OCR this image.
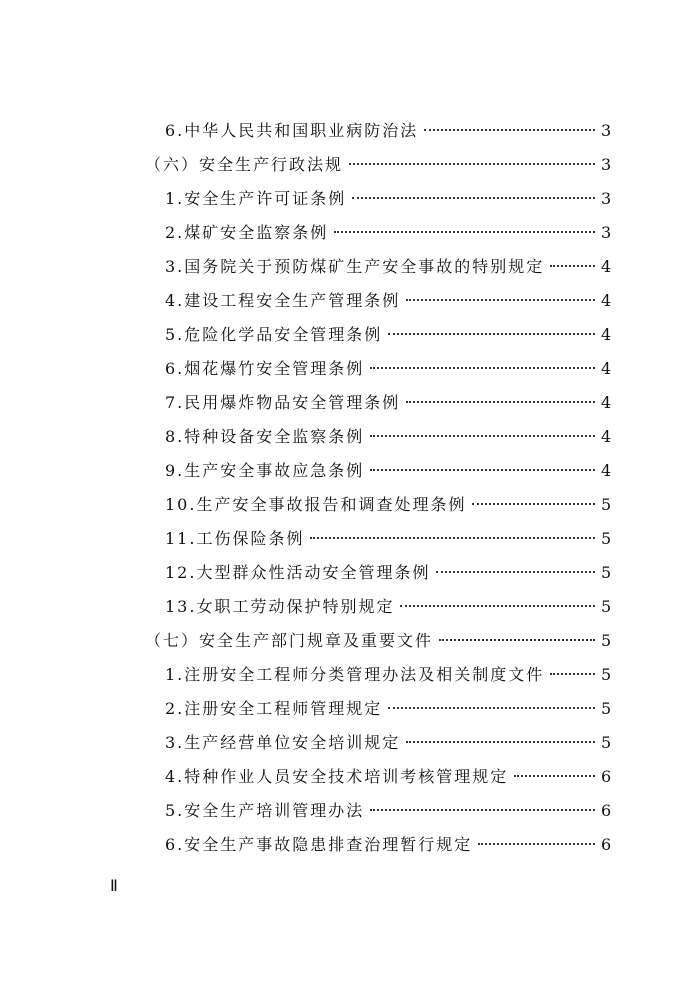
6.中华人民共和国职业病防治法	3
（六）安全生产行政法规	3
1.安全生产许可证条例	3
2.煤矿安全监察条例	3
3.国务院关于预防煤矿生产安全事故的特别规定	4
4.建设工程安全生产管理条例	4
5.危险化学品安全管理条例	4
6.烟花爆竹安全管理条例	4
7.民用爆炸物品安全管理条例	4
8.特种设备安全监察条例	4
9.生产安全事故应急条例	4
10.生产安全事故报告和调查处理条例	5
11.工伤保险条例	5
12.大型群众性活动安全管理条例	5
13.女职工劳动保护特别规定	5
（七）安全生产部门规章及重要文件	5
1.注册安全工程师分类管理办法及相关制度文件	5
2.注册安全工程师管理规定	5
3.生产经营单位安全培训规定	5
4.特种作业人员安全技术培训考核管理规定	6
5.安全生产培训管理办法	6
6.安全生产事故隐患排查治理暂行规定	6
Ⅱ
